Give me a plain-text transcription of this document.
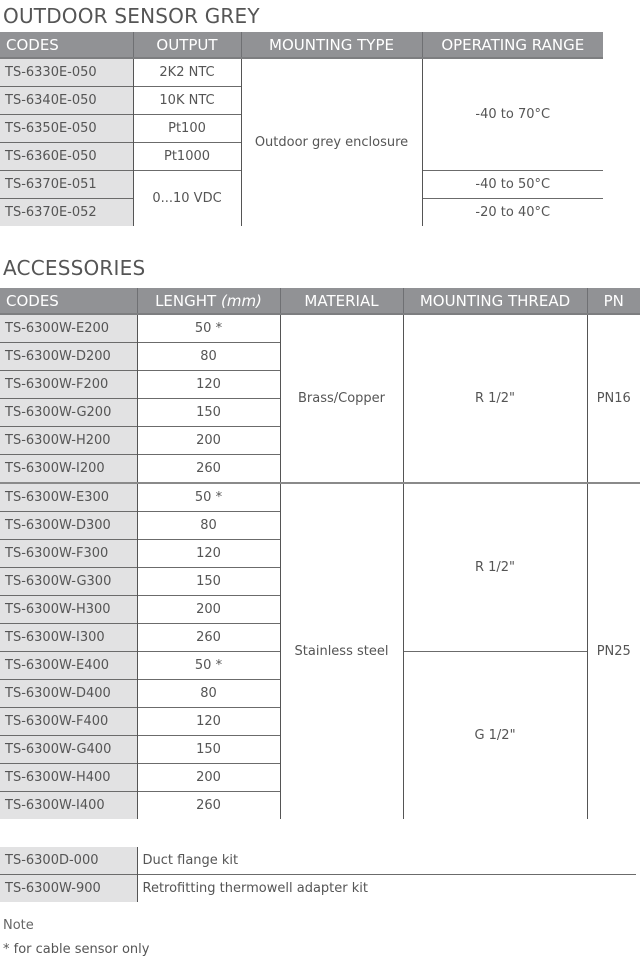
OUTDOOR SENSOR GREY
CODES	OUTPUT	MOUNTING TYPE	OPERATING RANGE
TS-6330E-050	2K2 NTC	Outdoor grey enclosure	-40 to 70°C
TS-6340E-050	10K NTC		
TS-6350E-050	Pt100		
TS-6360E-050	Pt1000		
TS-6370E-051	0...10 VDC		-40 to 50°C
TS-6370E-052			-20 to 40°C
ACCESSORIES
CODES	LENGHT (mm)	MATERIAL	MOUNTING THREAD	PN
TS-6300W-E200	50 *	Brass/Copper	R 1/2"	PN16
TS-6300W-D200	80			
TS-6300W-F200	120			
TS-6300W-G200	150			
TS-6300W-H200	200			
TS-6300W-I200	260			
TS-6300W-E300	50 *	Stainless steel	R 1/2"	PN25
TS-6300W-D300	80			
TS-6300W-F300	120			
TS-6300W-G300	150			
TS-6300W-H300	200			
TS-6300W-I300	260			
TS-6300W-E400	50 *		G 1/2"	
TS-6300W-D400	80			
TS-6300W-F400	120			
TS-6300W-G400	150			
TS-6300W-H400	200			
TS-6300W-I400	260			
TS-6300D-000	Duct flange kit
TS-6300W-900	Retrofitting thermowell adapter kit
Note
* for cable sensor only
